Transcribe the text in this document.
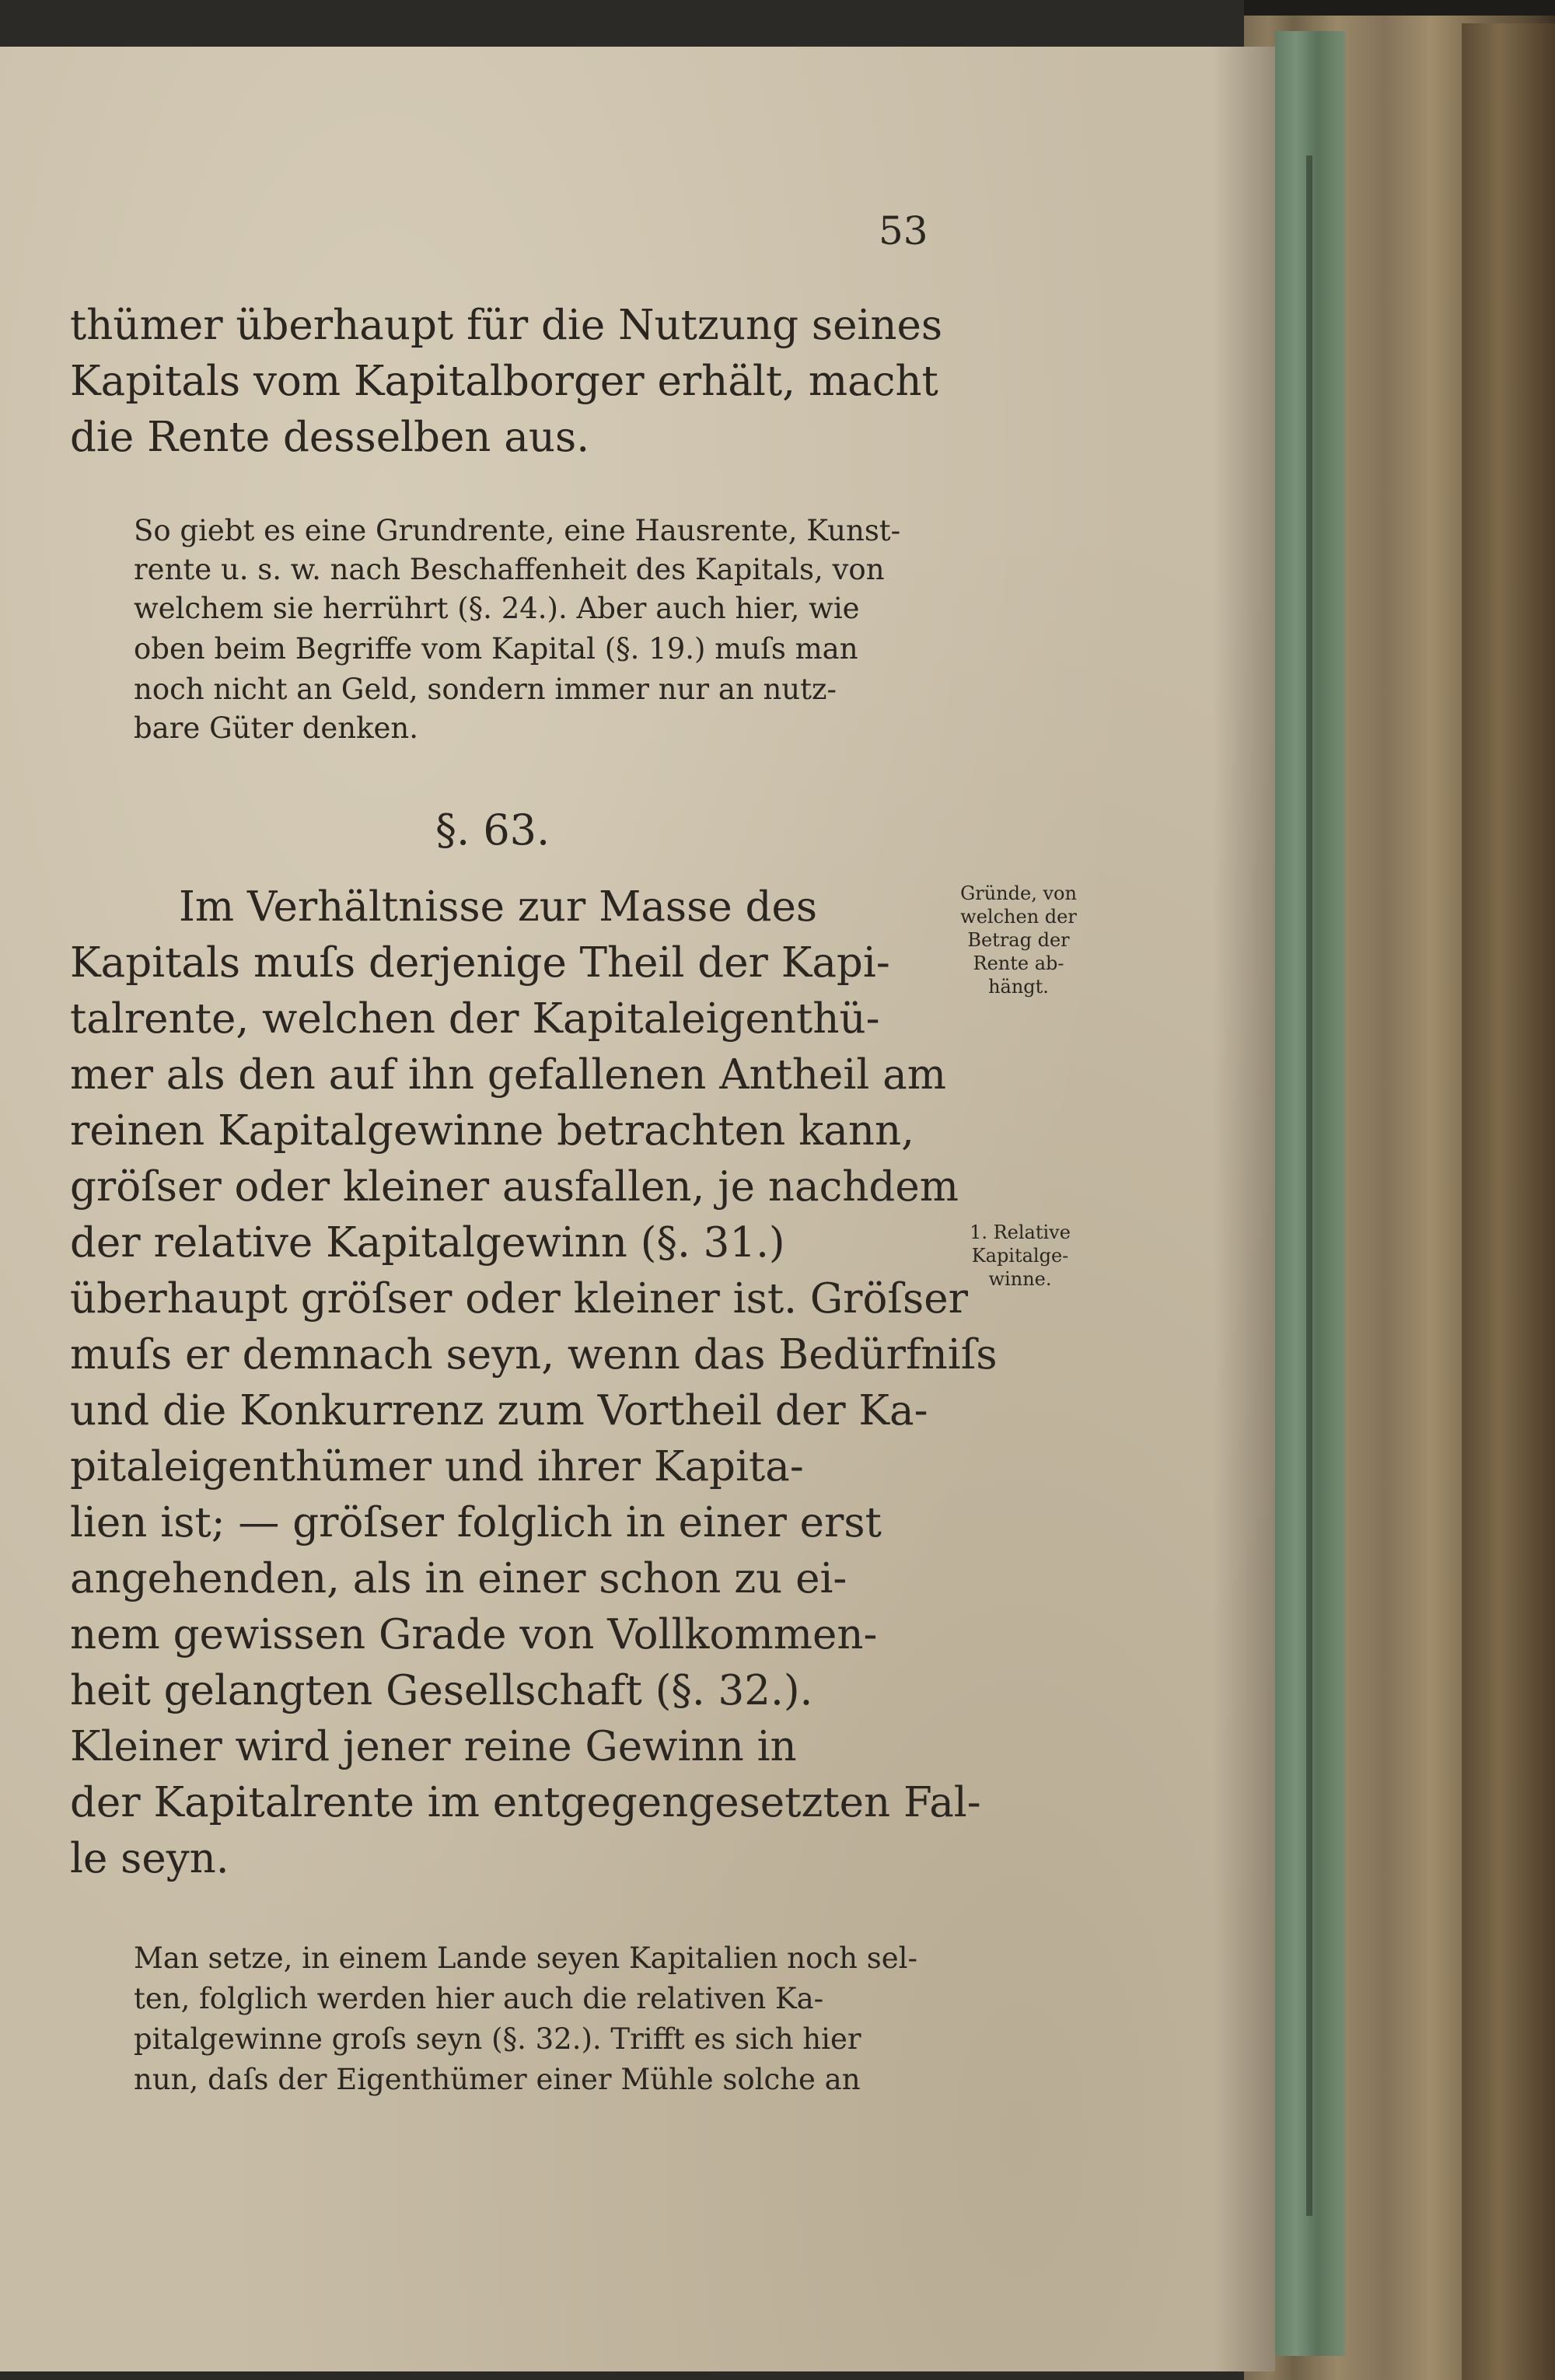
53
thümer überhaupt für die Nutzung seines
Kapitals vom Kapitalborger erhält, macht
die Rente desselben aus.
So giebt es eine Grundrente, eine Hausrente, Kunst-
rente u. s. w. nach Beschaffenheit des Kapitals, von
welchem sie herrührt (§. 24.). Aber auch hier, wie
oben beim Begriffe vom Kapital (§. 19.) muſs man
noch nicht an Geld, sondern immer nur an nutz-
bare Güter denken.
§. 63.
Im Verhältnisse zur Masse des
Kapitals muſs derjenige Theil der Kapi-
talrente, welchen der Kapitaleigenthü-
mer als den auf ihn gefallenen Antheil am
reinen Kapitalgewinne betrachten kann,
gröſser oder kleiner ausfallen, je nachdem
der relative Kapitalgewinn (§. 31.)
überhaupt gröſser oder kleiner ist. Gröſser
muſs er demnach seyn, wenn das Bedürfniſs
und die Konkurrenz zum Vortheil der Ka-
pitaleigenthümer und ihrer Kapita-
lien ist; — gröſser folglich in einer erst
angehenden, als in einer schon zu ei-
nem gewissen Grade von Vollkommen-
heit gelangten Gesellschaft (§. 32.).
Kleiner wird jener reine Gewinn in
der Kapitalrente im entgegengesetzten Fal-
le seyn.
Gründe, von
welchen der
Betrag der
Rente ab-
hängt.
1. Relative
Kapitalge-
winne.
Man setze, in einem Lande seyen Kapitalien noch sel-
ten, folglich werden hier auch die relativen Ka-
pitalgewinne groſs seyn (§. 32.). Trifft es sich hier
nun, daſs der Eigenthümer einer Mühle solche an
